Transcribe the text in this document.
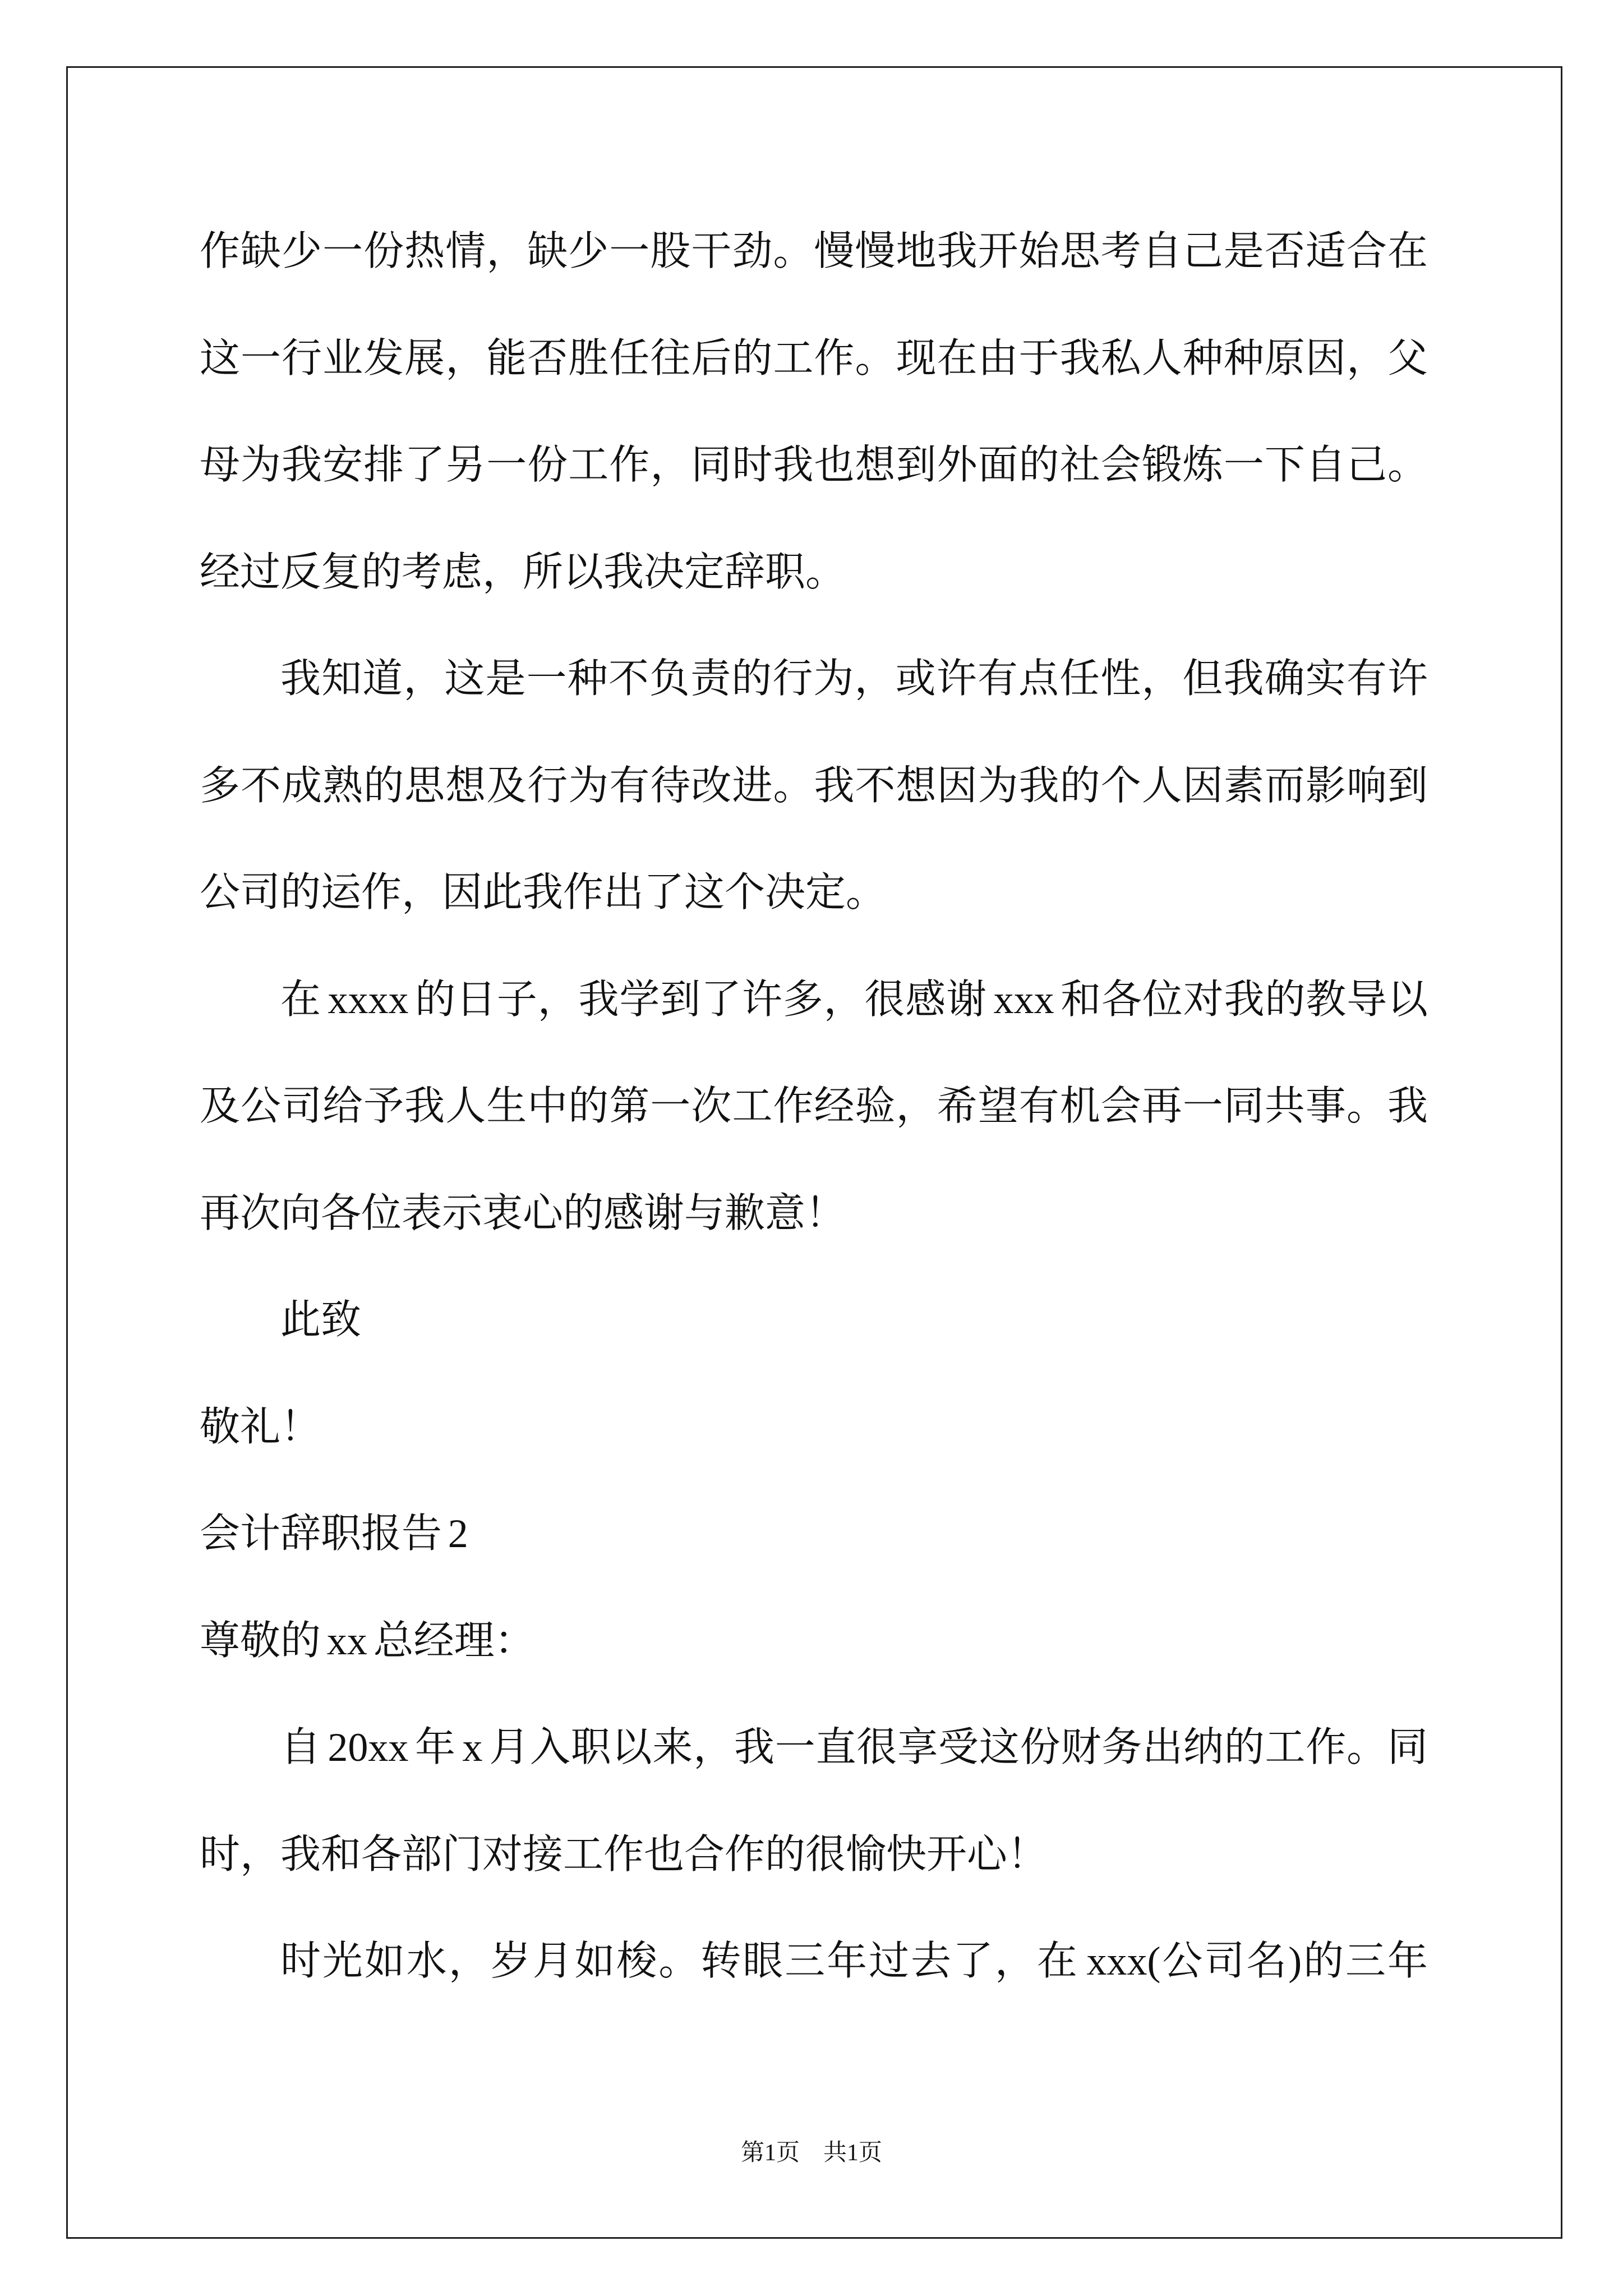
作缺少一份热情，缺少一股干劲。慢慢地我开始思考自己是否适合在
这一行业发展，能否胜任往后的工作。现在由于我私人种种原因，父
母为我安排了另一份工作，同时我也想到外面的社会锻炼一下自己。
经过反复的考虑，所以我决定辞职。
我知道，这是一种不负责的行为，或许有点任性，但我确实有许
多不成熟的思想及行为有待改进。我不想因为我的个人因素而影响到
公司的运作，因此我作出了这个决定。
在 xxxx 的日子，我学到了许多，很感谢 xxx 和各位对我的教导以
及公司给予我人生中的第一次工作经验，希望有机会再一同共事。我
再次向各位表示衷心的感谢与歉意！
此致
敬礼！
会计辞职报告 2
尊敬的 xx 总经理：
自 20xx 年 x 月入职以来，我一直很享受这份财务出纳的工作。同
时，我和各部门对接工作也合作的很愉快开心！
时光如水，岁月如梭。转眼三年过去了，在 xxx(公司名)的三年
第1页　共1页
